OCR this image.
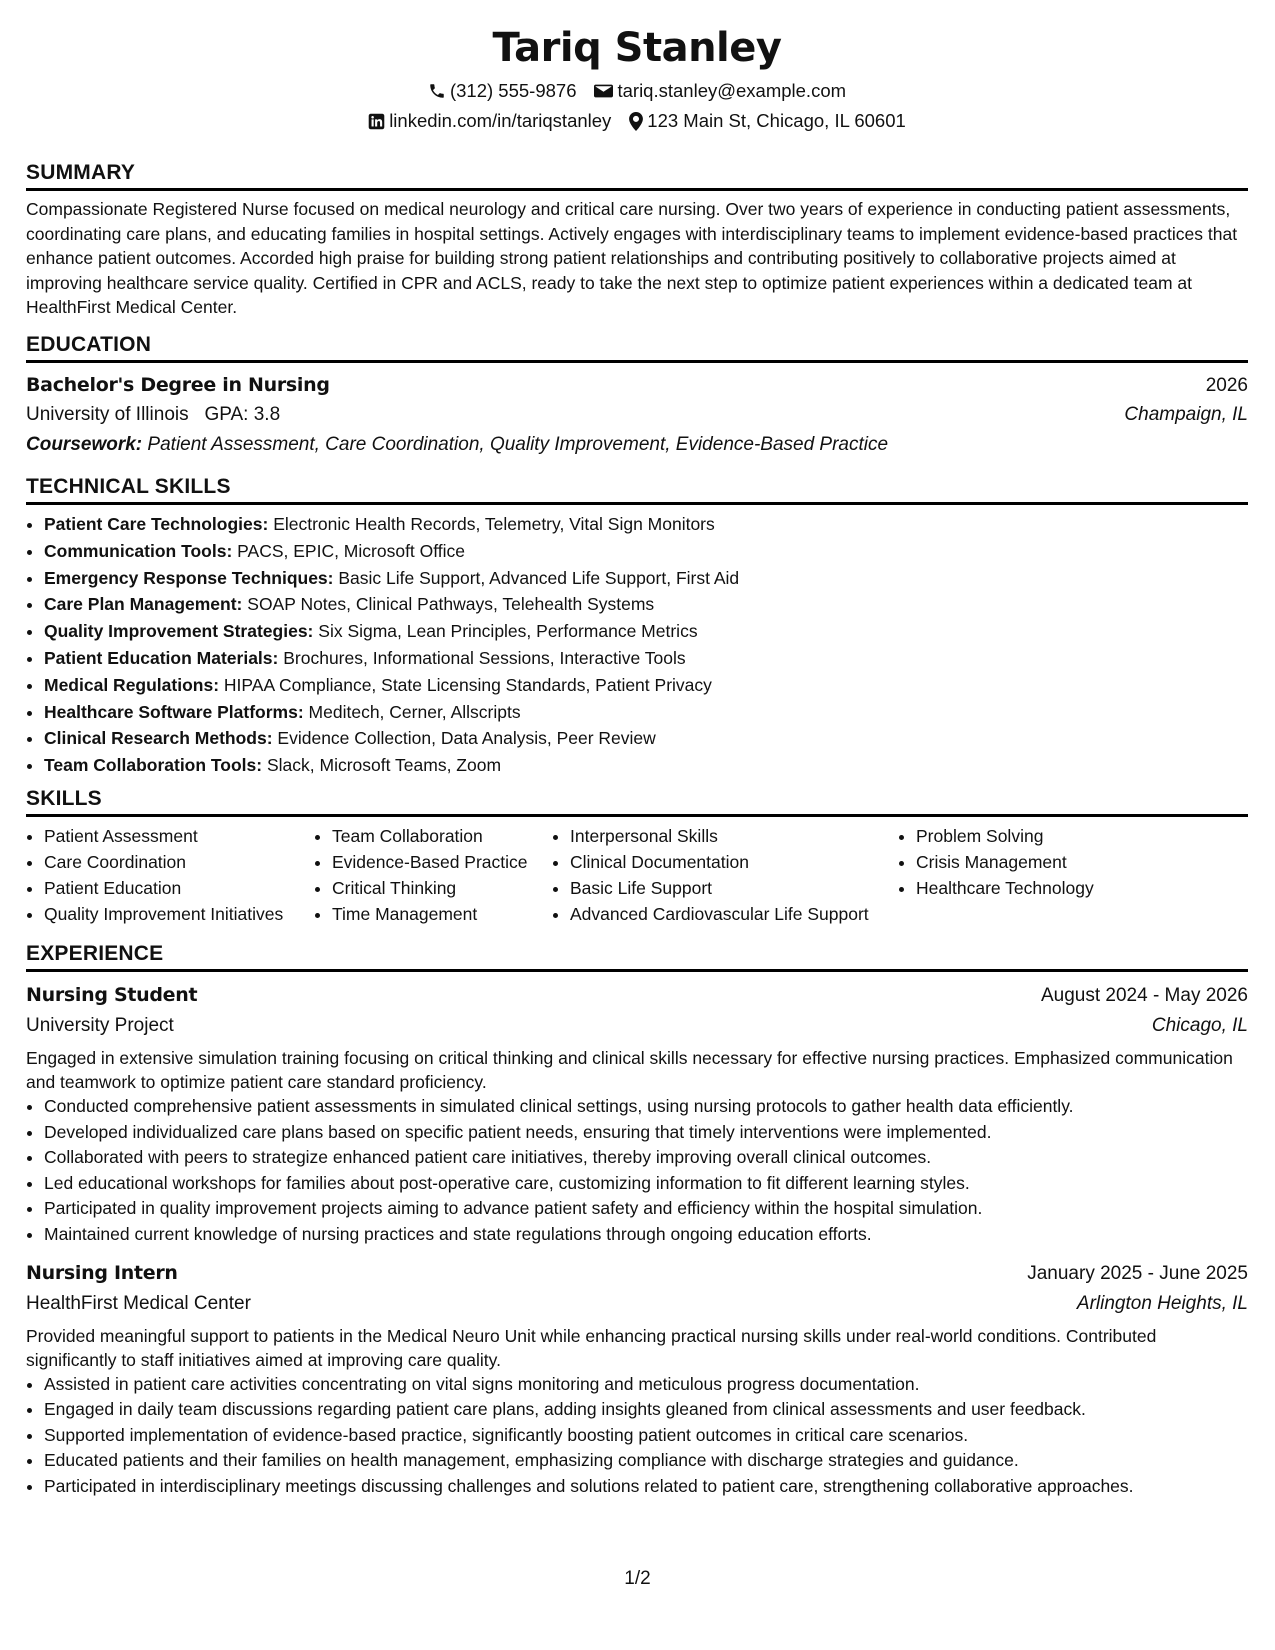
Tariq Stanley
(312) 555-9876 tariq.stanley@example.com
linkedin.com/in/tariqstanley 123 Main St, Chicago, IL 60601
SUMMARY

Compassionate Registered Nurse focused on medical neurology and critical care nursing. Over two years of experience in conducting patient assessments, coordinating care plans, and educating families in hospital settings. Actively engages with interdisciplinary teams to implement evidence-based practices that enhance patient outcomes. Accorded high praise for building strong patient relationships and contributing positively to collaborative projects aimed at improving healthcare service quality. Certified in CPR and ACLS, ready to take the next step to optimize patient experiences within a dedicated team at HealthFirst Medical Center.

EDUCATION
Bachelor's Degree in Nursing	2026
University of Illinois GPA: 3.8	Champaign, IL
Coursework: Patient Assessment, Care Coordination, Quality Improvement, Evidence-Based Practice
TECHNICAL SKILLS
• Patient Care Technologies: Electronic Health Records, Telemetry, Vital Sign Monitors
• Communication Tools: PACS, EPIC, Microsoft Office
• Emergency Response Techniques: Basic Life Support, Advanced Life Support, First Aid
• Care Plan Management: SOAP Notes, Clinical Pathways, Telehealth Systems
• Quality Improvement Strategies: Six Sigma, Lean Principles, Performance Metrics
• Patient Education Materials: Brochures, Informational Sessions, Interactive Tools
• Medical Regulations: HIPAA Compliance, State Licensing Standards, Patient Privacy
• Healthcare Software Platforms: Meditech, Cerner, Allscripts
• Clinical Research Methods: Evidence Collection, Data Analysis, Peer Review
• Team Collaboration Tools: Slack, Microsoft Teams, Zoom
SKILLS
• Patient Assessment
• Care Coordination
• Patient Education
• Quality Improvement Initiatives
• Team Collaboration
• Evidence-Based Practice
• Critical Thinking
• Time Management
• Interpersonal Skills
• Clinical Documentation
• Basic Life Support
• Advanced Cardiovascular Life Support
• Problem Solving
• Crisis Management
• Healthcare Technology
EXPERIENCE
Nursing Student	August 2024 - May 2026
University Project	Chicago, IL

Engaged in extensive simulation training focusing on critical thinking and clinical skills necessary for effective nursing practices. Emphasized communication and teamwork to optimize patient care standard proficiency.

• Conducted comprehensive patient assessments in simulated clinical settings, using nursing protocols to gather health data efficiently.
• Developed individualized care plans based on specific patient needs, ensuring that timely interventions were implemented.
• Collaborated with peers to strategize enhanced patient care initiatives, thereby improving overall clinical outcomes.
• Led educational workshops for families about post-operative care, customizing information to fit different learning styles.
• Participated in quality improvement projects aiming to advance patient safety and efficiency within the hospital simulation.
• Maintained current knowledge of nursing practices and state regulations through ongoing education efforts.
Nursing Intern	January 2025 - June 2025
HealthFirst Medical Center	Arlington Heights, IL

Provided meaningful support to patients in the Medical Neuro Unit while enhancing practical nursing skills under real-world conditions. Contributed significantly to staff initiatives aimed at improving care quality.

• Assisted in patient care activities concentrating on vital signs monitoring and meticulous progress documentation.
• Engaged in daily team discussions regarding patient care plans, adding insights gleaned from clinical assessments and user feedback.
• Supported implementation of evidence-based practice, significantly boosting patient outcomes in critical care scenarios.
• Educated patients and their families on health management, emphasizing compliance with discharge strategies and guidance.
• Participated in interdisciplinary meetings discussing challenges and solutions related to patient care, strengthening collaborative approaches.
1/2
